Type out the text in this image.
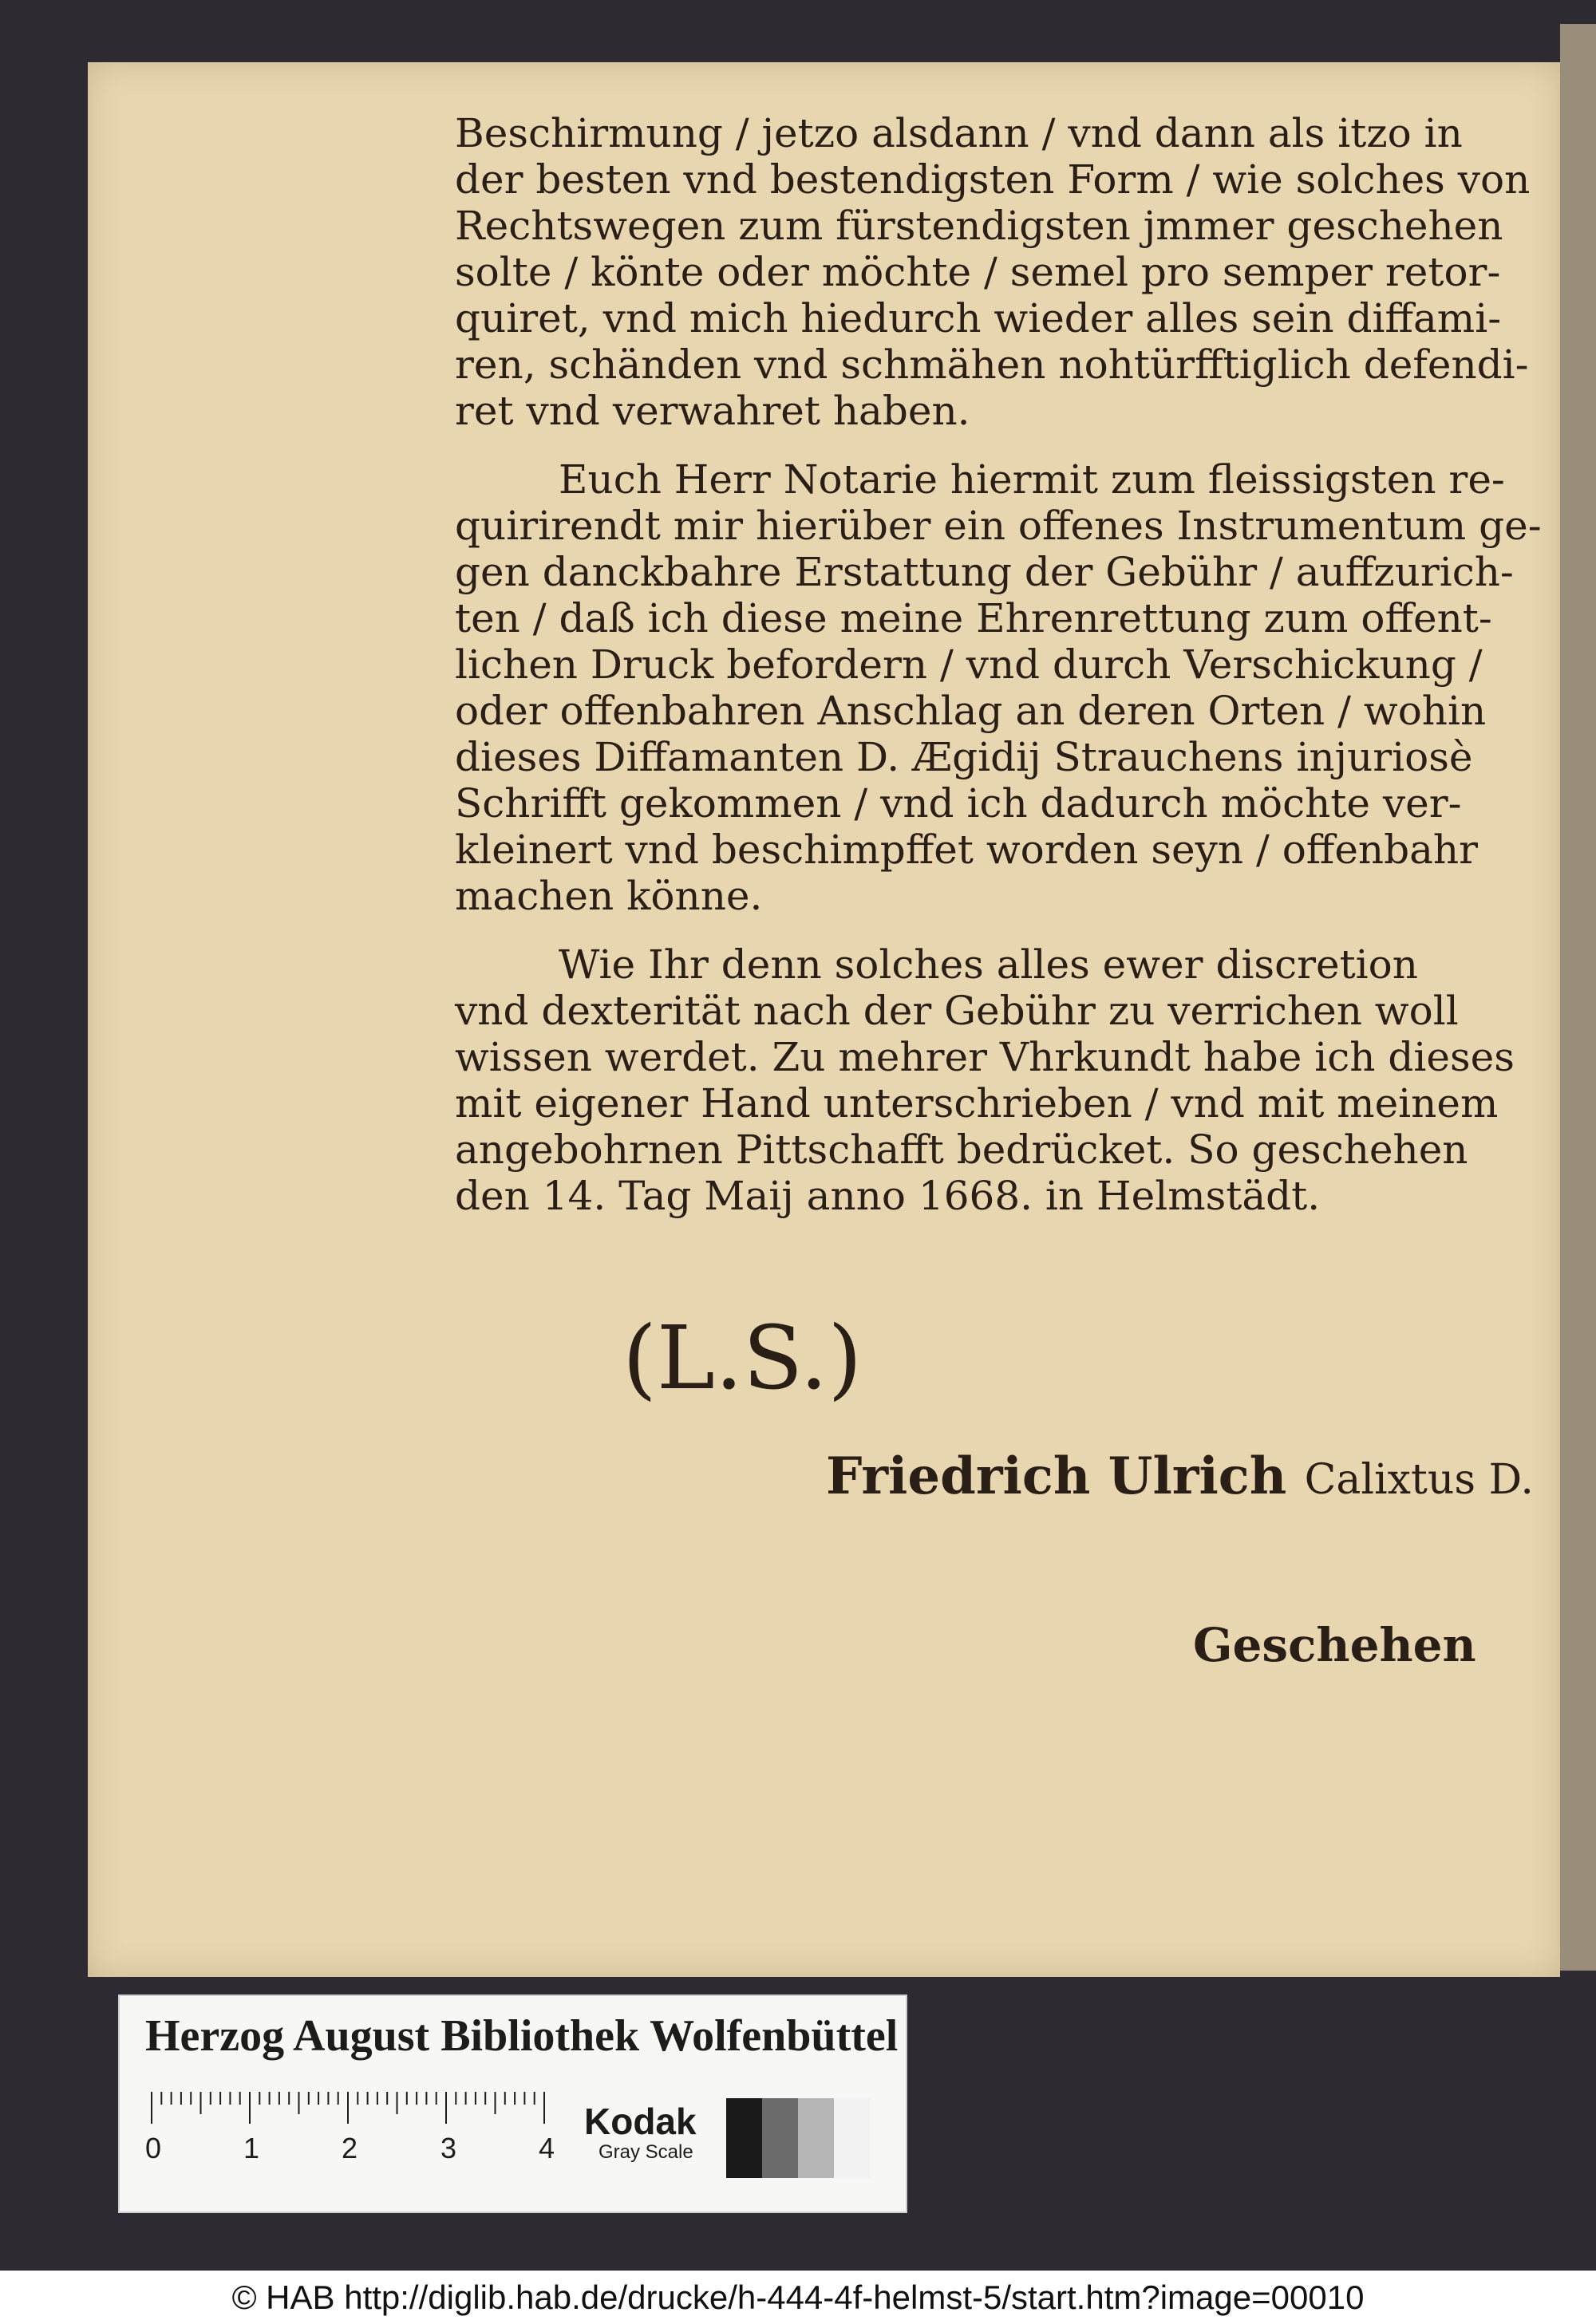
Beschirmung / jetzo alsdann / vnd dann als itzo in
der besten vnd bestendigsten Form / wie solches von
Rechtswegen zum fürstendigsten jmmer geschehen
solte / könte oder möchte / semel pro semper retor-
quiret, vnd mich hiedurch wieder alles sein diffami-
ren, schänden vnd schmähen nohtürfftiglich defendi-
ret vnd verwahret haben.
Euch Herr Notarie hiermit zum fleissigsten re-
quirirendt mir hierüber ein offenes Instrumentum ge-
gen danckbahre Erstattung der Gebühr / auffzurich-
ten / daß ich diese meine Ehrenrettung zum offent-
lichen Druck befordern / vnd durch Verschickung /
oder offenbahren Anschlag an deren Orten / wohin
dieses Diffamanten D. Ægidij Strauchens injuriosè
Schrifft gekommen / vnd ich dadurch möchte ver-
kleinert vnd beschimpffet worden seyn / offenbahr
machen könne.
Wie Ihr denn solches alles ewer discretion
vnd dexterität nach der Gebühr zu verrichen woll
wissen werdet. Zu mehrer Vhrkundt habe ich dieses
mit eigener Hand unterschrieben / vnd mit meinem
angebohrnen Pittschafft bedrücket. So geschehen
den 14. Tag Maij anno 1668. in Helmstädt.
(L.S.)
Friedrich Ulrich Calixtus D.
Geschehen
Herzog August Bibliothek Wolfenbüttel
0	1	2	3	4
Kodak
Gray Scale
© HAB http://diglib.hab.de/drucke/h-444-4f-helmst-5/start.htm?image=00010
